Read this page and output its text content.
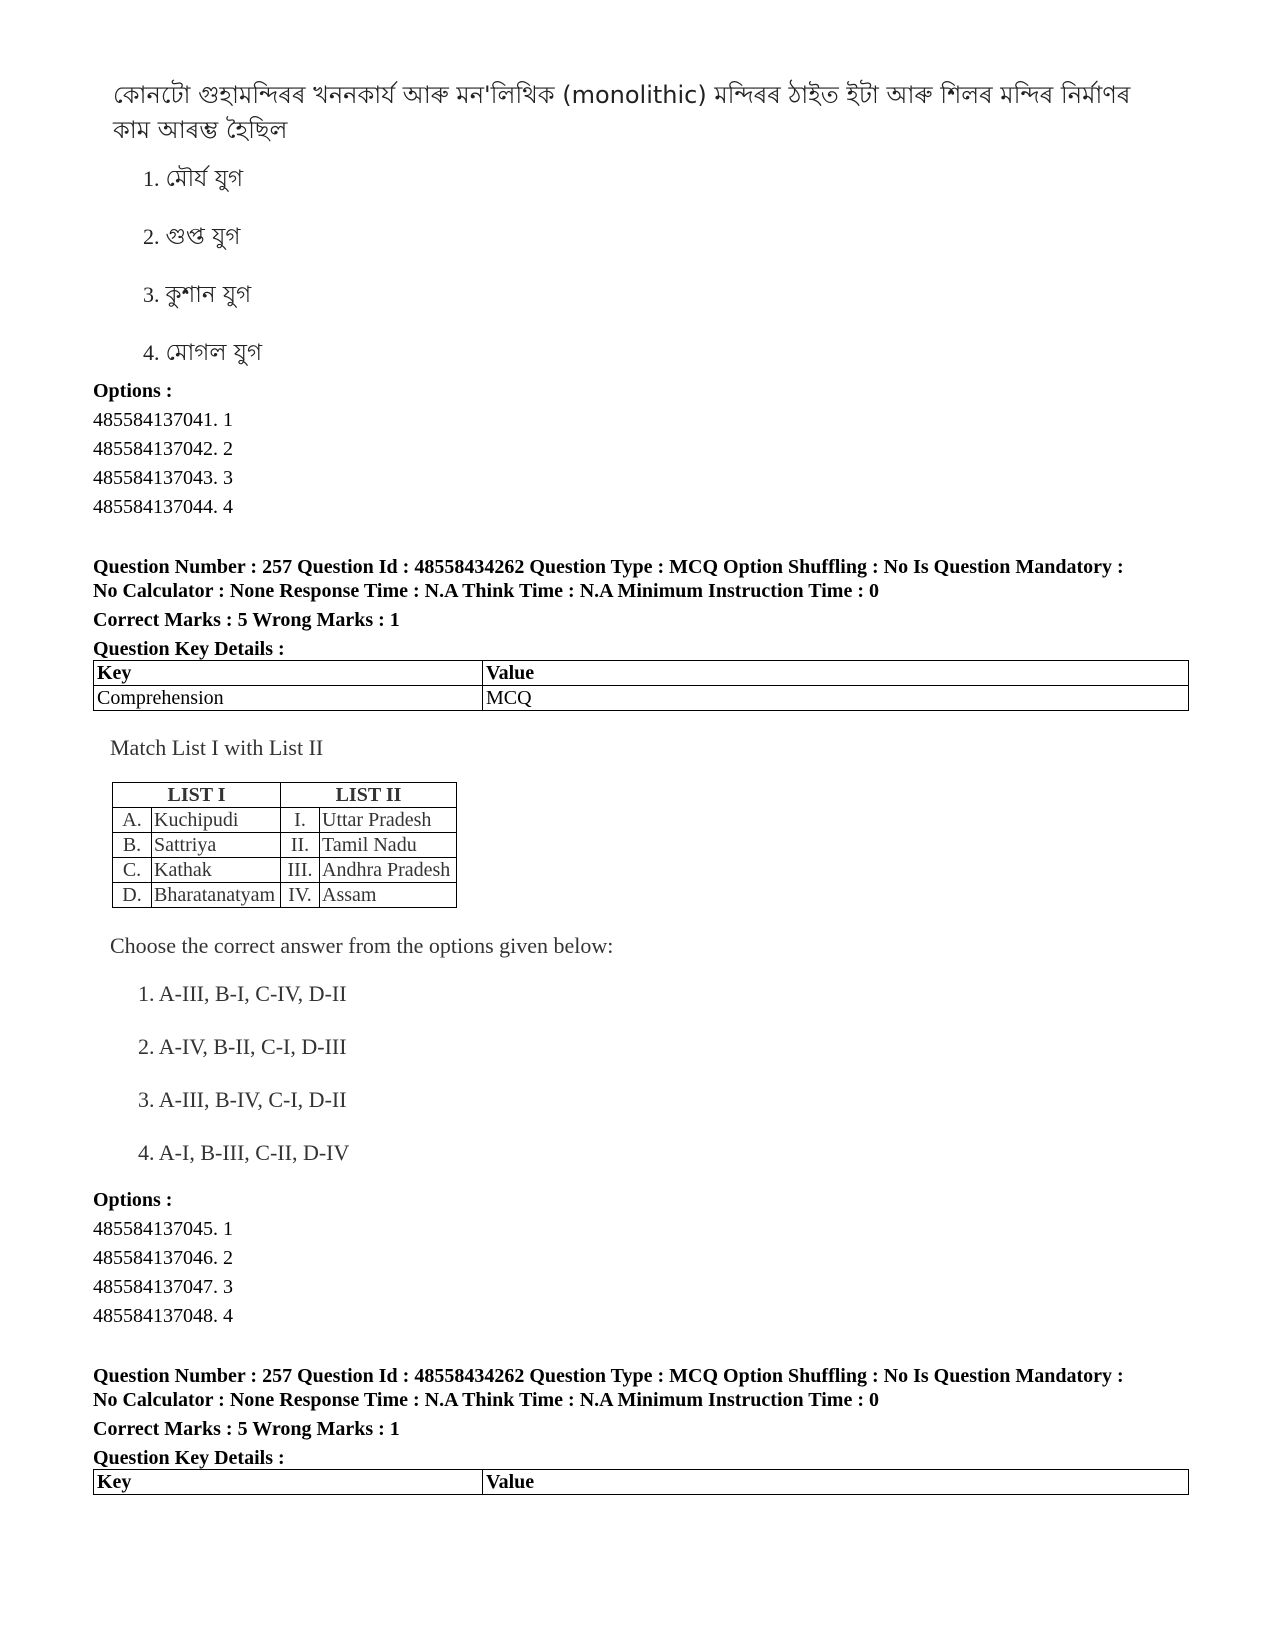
কোনটো গুহামন্দিৰৰ খননকাৰ্য আৰু মন'লিথিক (monolithic) মন্দিৰৰ ঠাইত ইটা আৰু শিলৰ মন্দিৰ নিৰ্মাণৰ কাম আৰম্ভ হৈছিল
1. মৌৰ্য যুগ
2. গুপ্ত যুগ
3. কুশান যুগ
4. মোগল যুগ
Options :
485584137041. 1
485584137042. 2
485584137043. 3
485584137044. 4
Question Number : 257 Question Id : 48558434262 Question Type : MCQ Option Shuffling : No Is Question Mandatory :
No Calculator : None Response Time : N.A Think Time : N.A Minimum Instruction Time : 0
Correct Marks : 5 Wrong Marks : 1
Question Key Details :
Key	Value
Comprehension	MCQ
Match List I with List II
LIST I		LIST II	
A.	Kuchipudi	I.	Uttar Pradesh
B.	Sattriya	II.	Tamil Nadu
C.	Kathak	III.	Andhra Pradesh
D.	Bharatanatyam	IV.	Assam
Choose the correct answer from the options given below:
1. A-III, B-I, C-IV, D-II
2. A-IV, B-II, C-I, D-III
3. A-III, B-IV, C-I, D-II
4. A-I, B-III, C-II, D-IV
Options :
485584137045. 1
485584137046. 2
485584137047. 3
485584137048. 4
Question Number : 257 Question Id : 48558434262 Question Type : MCQ Option Shuffling : No Is Question Mandatory :
No Calculator : None Response Time : N.A Think Time : N.A Minimum Instruction Time : 0
Correct Marks : 5 Wrong Marks : 1
Question Key Details :
Key	Value
